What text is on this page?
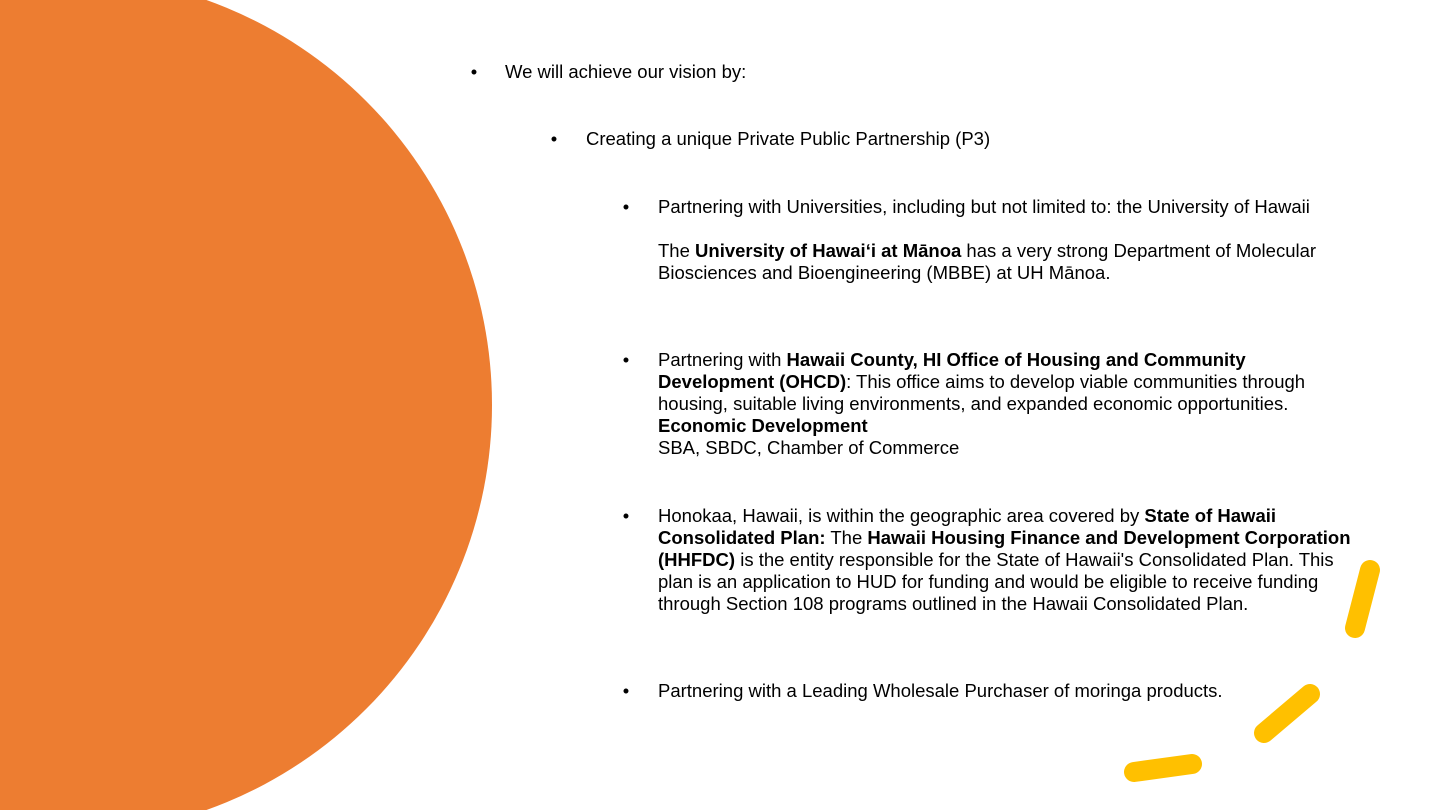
• We will achieve our vision by:
• Creating a unique Private Public Partnership (P3)
• Partnering with Universities, including but not limited to: the University of Hawaii
The University of Hawaiʻi at Mānoa has a very strong Department of Molecular Biosciences and Bioengineering (MBBE) at UH Mānoa.
• Partnering with Hawaii County, HI Office of Housing and Community Development (OHCD): This office aims to develop viable communities through housing, suitable living environments, and expanded economic opportunities.
Economic Development
SBA, SBDC, Chamber of Commerce
• Honokaa, Hawaii, is within the geographic area covered by State of Hawaii Consolidated Plan: The Hawaii Housing Finance and Development Corporation (HHFDC) is the entity responsible for the State of Hawaii's Consolidated Plan. This plan is an application to HUD for funding and would be eligible to receive funding through Section 108 programs outlined in the Hawaii Consolidated Plan.
• Partnering with a Leading Wholesale Purchaser of moringa products.
